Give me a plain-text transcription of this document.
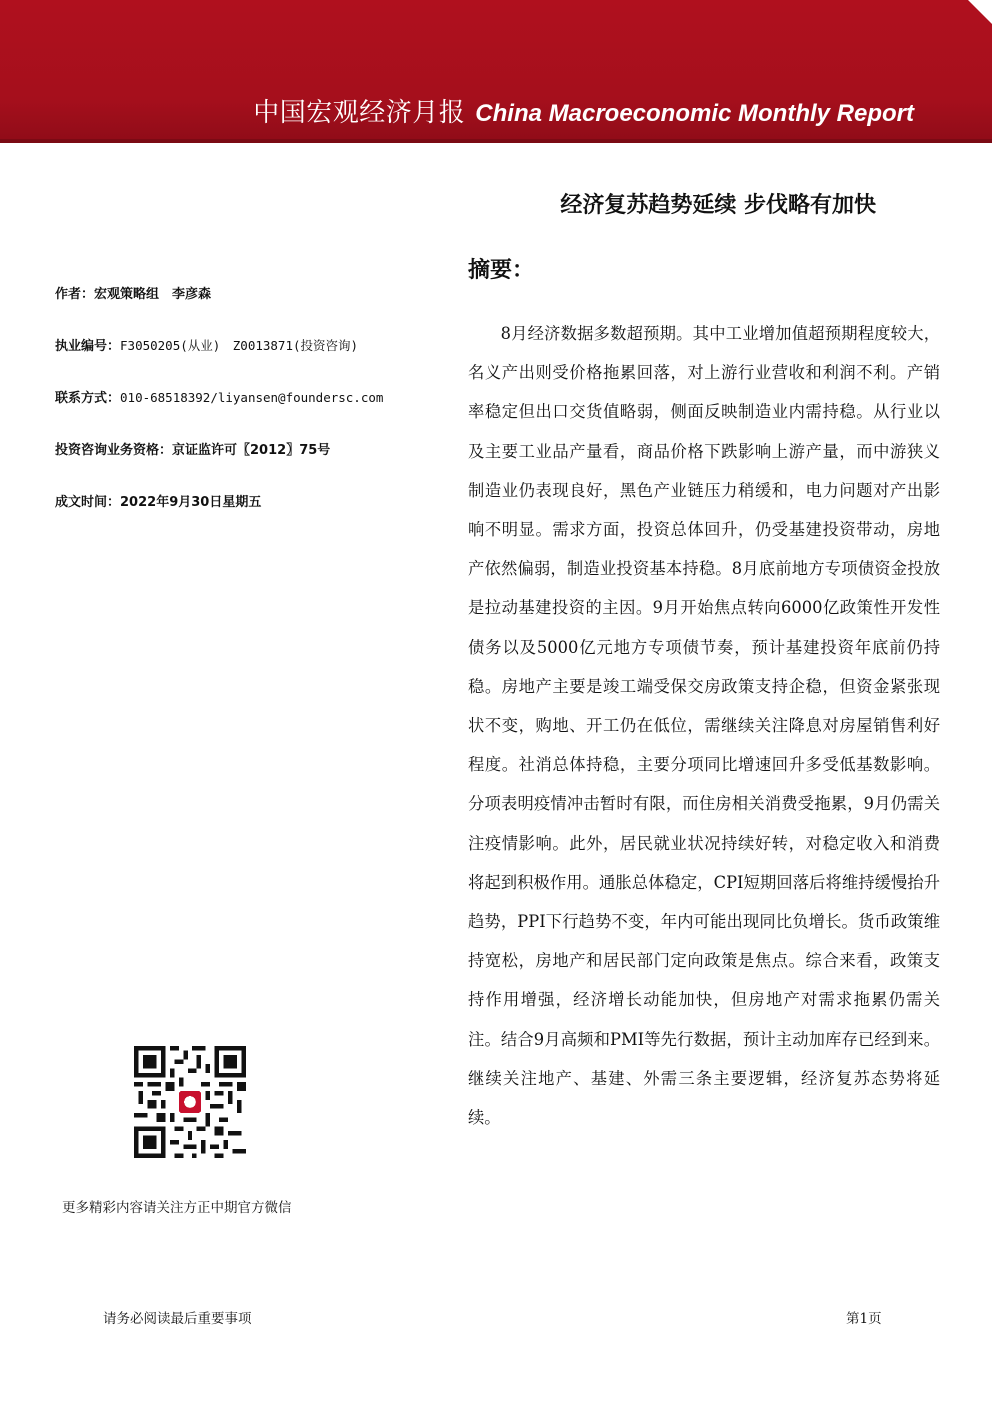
中国宏观经济月报 China Macroeconomic Monthly Report
经济复苏趋势延续 步伐略有加快
作者：宏观策略组　李彦森
执业编号：F3050205(从业)　Z0013871(投资咨询)
联系方式：010-68518392/liyansen@foundersc.com
投资咨询业务资格：京证监许可〖2012〗75号
成文时间：2022年9月30日星期五
摘要：
8月经济数据多数超预期。其中工业增加值超预期程度较大，名义产出则受价格拖累回落，对上游行业营收和利润不利。产销率稳定但出口交货值略弱，侧面反映制造业内需持稳。从行业以及主要工业品产量看，商品价格下跌影响上游产量，而中游狭义制造业仍表现良好，黑色产业链压力稍缓和，电力问题对产出影响不明显。需求方面，投资总体回升，仍受基建投资带动，房地产依然偏弱，制造业投资基本持稳。8月底前地方专项债资金投放是拉动基建投资的主因。9月开始焦点转向6000亿政策性开发性债务以及5000亿元地方专项债节奏，预计基建投资年底前仍持稳。房地产主要是竣工端受保交房政策支持企稳，但资金紧张现状不变，购地、开工仍在低位，需继续关注降息对房屋销售利好程度。社消总体持稳，主要分项同比增速回升多受低基数影响。分项表明疫情冲击暂时有限，而住房相关消费受拖累，9月仍需关注疫情影响。此外，居民就业状况持续好转，对稳定收入和消费将起到积极作用。通胀总体稳定，CPI短期回落后将维持缓慢抬升趋势，PPI下行趋势不变，年内可能出现同比负增长。货币政策维持宽松，房地产和居民部门定向政策是焦点。综合来看，政策支持作用增强，经济增长动能加快，但房地产对需求拖累仍需关注。结合9月高频和PMI等先行数据，预计主动加库存已经到来。继续关注地产、基建、外需三条主要逻辑，经济复苏态势将延续。
更多精彩内容请关注方正中期官方微信
请务必阅读最后重要事项	第1页
